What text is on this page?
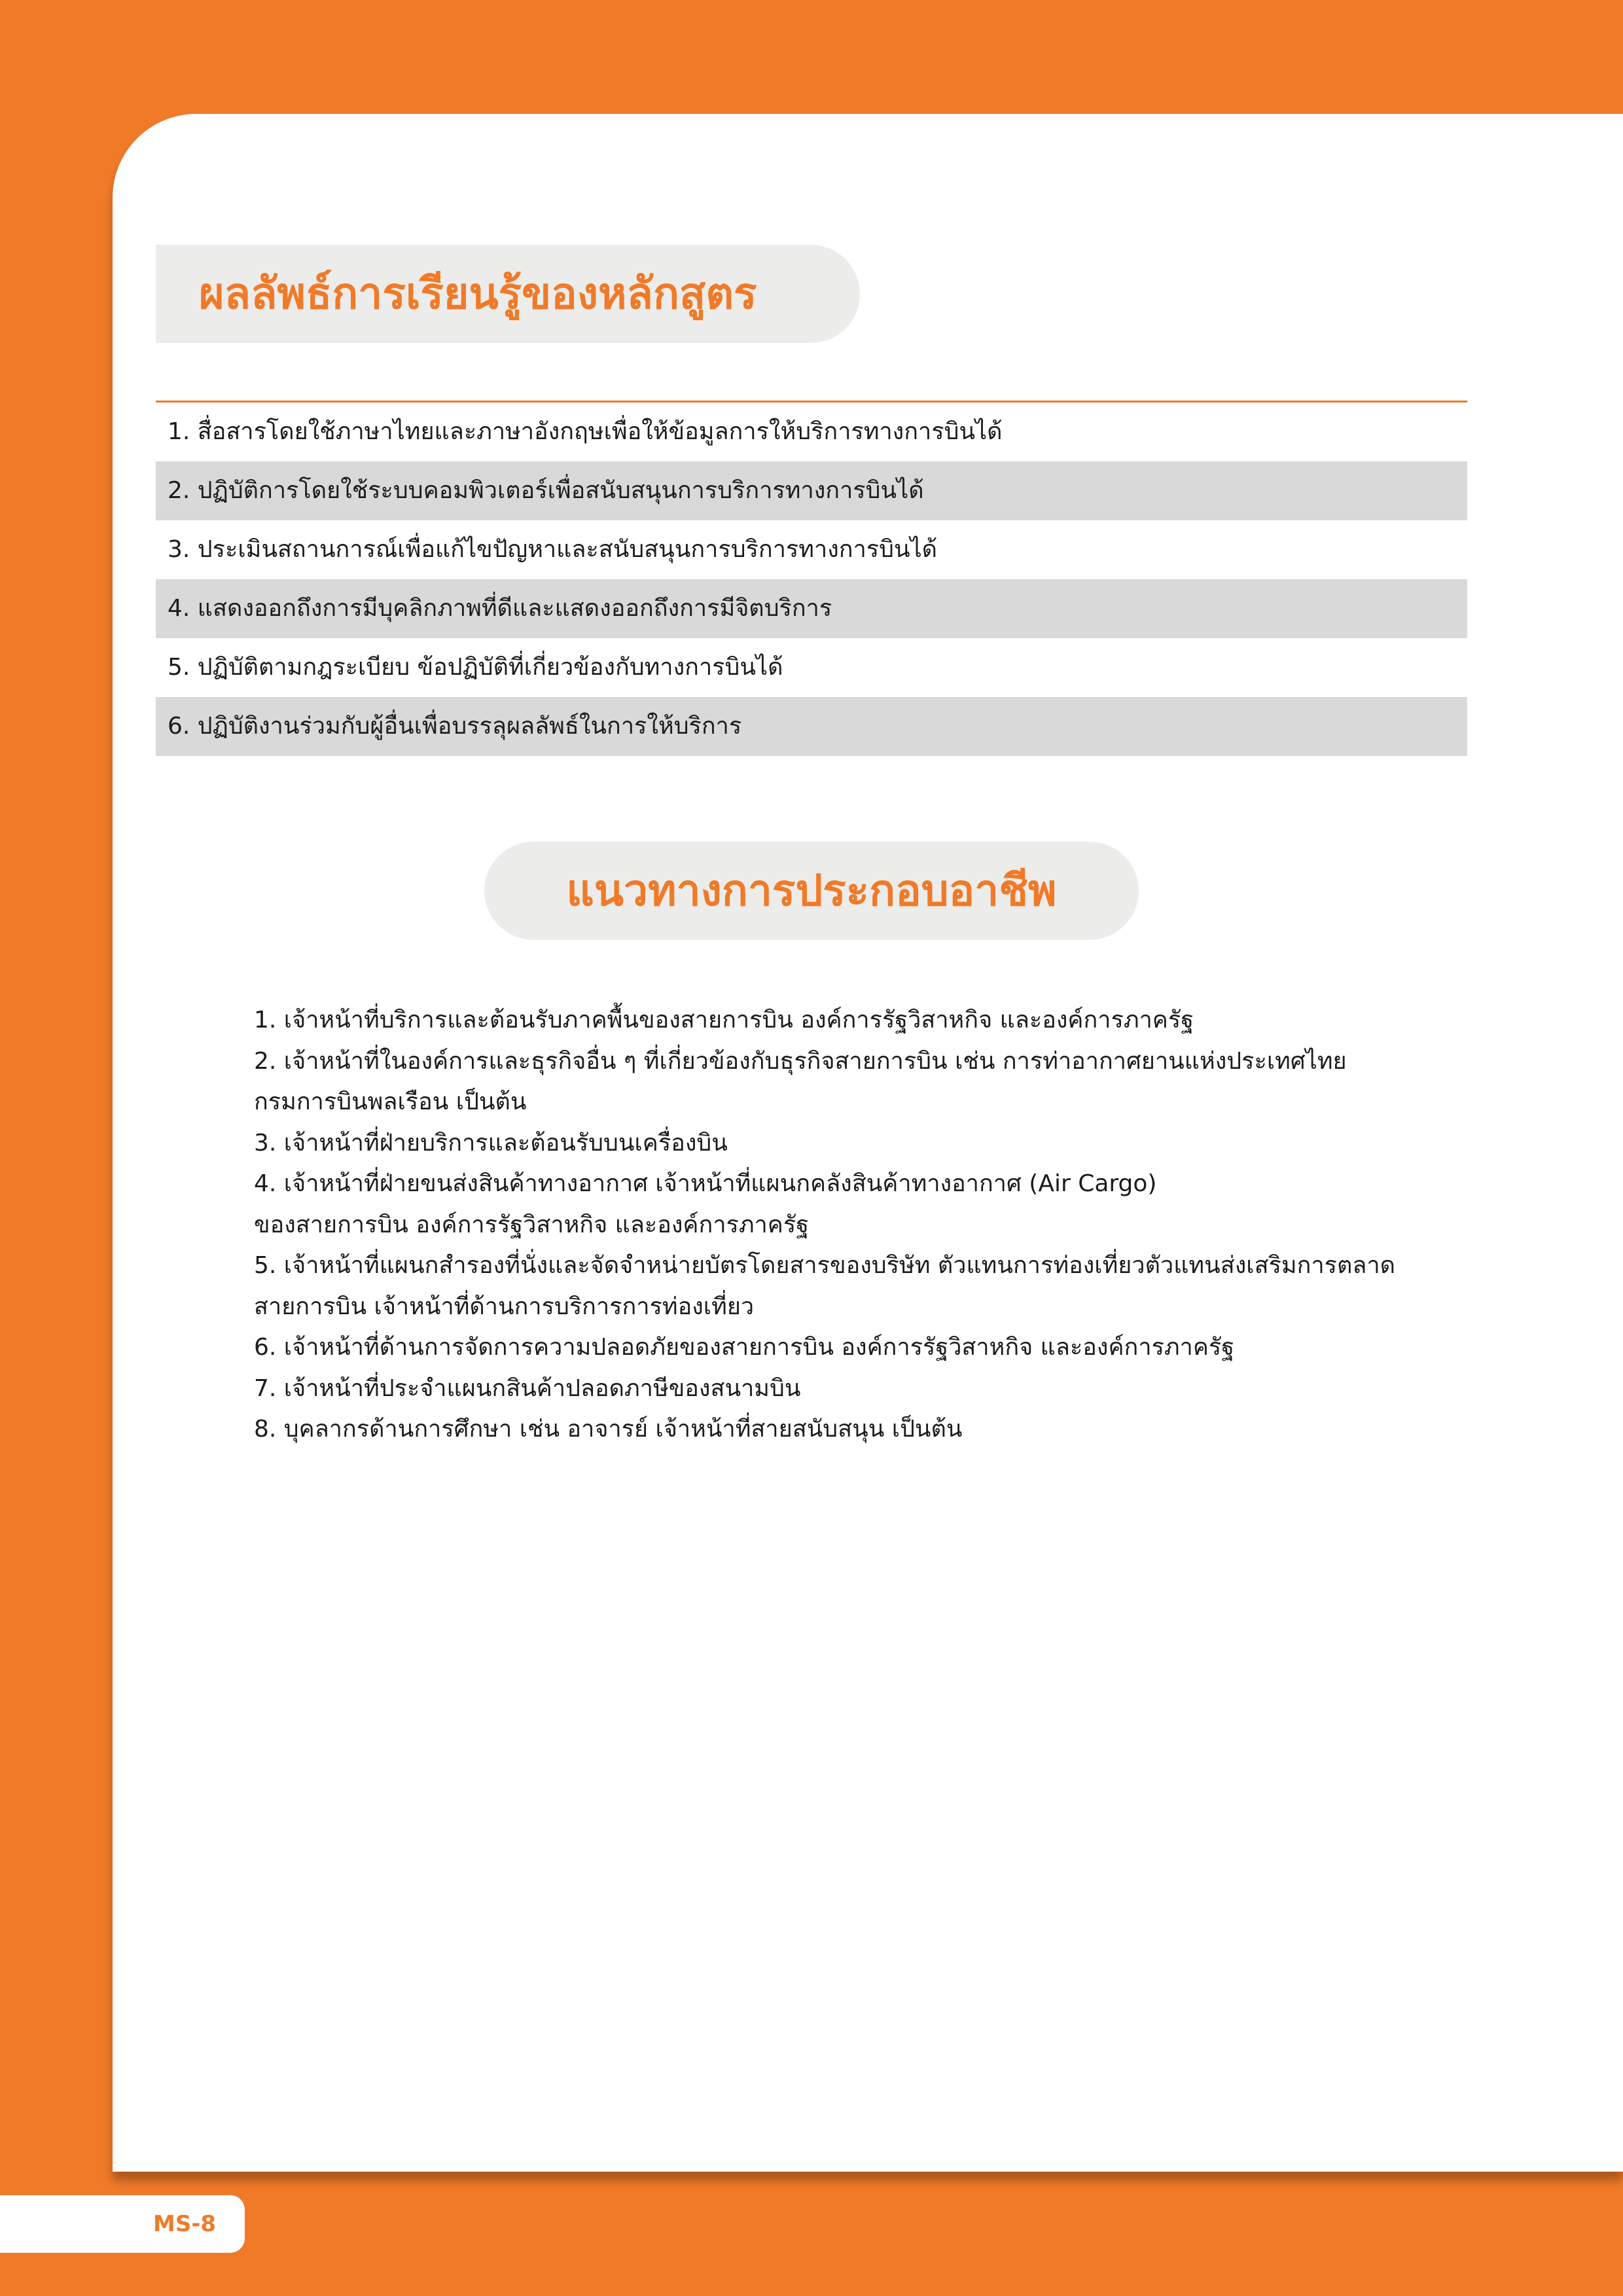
ผลลัพธ์การเรียนรู้ของหลักสูตร
1. สื่อสารโดยใช้ภาษาไทยและภาษาอังกฤษเพื่อให้ข้อมูลการให้บริการทางการบินได้
2. ปฏิบัติการโดยใช้ระบบคอมพิวเตอร์เพื่อสนับสนุนการบริการทางการบินได้
3. ประเมินสถานการณ์เพื่อแก้ไขปัญหาและสนับสนุนการบริการทางการบินได้
4. แสดงออกถึงการมีบุคลิกภาพที่ดีและแสดงออกถึงการมีจิตบริการ
5. ปฏิบัติตามกฎระเบียบ ข้อปฏิบัติที่เกี่ยวข้องกับทางการบินได้
6. ปฏิบัติงานร่วมกับผู้อื่นเพื่อบรรลุผลลัพธ์ในการให้บริการ
แนวทางการประกอบอาชีพ
1. เจ้าหน้าที่บริการและต้อนรับภาคพื้นของสายการบิน องค์การรัฐวิสาหกิจ และองค์การภาครัฐ
2. เจ้าหน้าที่ในองค์การและธุรกิจอื่น ๆ ที่เกี่ยวข้องกับธุรกิจสายการบิน เช่น การท่าอากาศยานแห่งประเทศไทย
กรมการบินพลเรือน เป็นต้น
3. เจ้าหน้าที่ฝ่ายบริการและต้อนรับบนเครื่องบิน
4. เจ้าหน้าที่ฝ่ายขนส่งสินค้าทางอากาศ เจ้าหน้าที่แผนกคลังสินค้าทางอากาศ (Air Cargo)
ของสายการบิน องค์การรัฐวิสาหกิจ และองค์การภาครัฐ
5. เจ้าหน้าที่แผนกสำรองที่นั่งและจัดจำหน่ายบัตรโดยสารของบริษัท ตัวแทนการท่องเที่ยวตัวแทนส่งเสริมการตลาด
สายการบิน เจ้าหน้าที่ด้านการบริการการท่องเที่ยว
6. เจ้าหน้าที่ด้านการจัดการความปลอดภัยของสายการบิน องค์การรัฐวิสาหกิจ และองค์การภาครัฐ
7. เจ้าหน้าที่ประจำแผนกสินค้าปลอดภาษีของสนามบิน
8. บุคลากรด้านการศึกษา เช่น อาจารย์ เจ้าหน้าที่สายสนับสนุน เป็นต้น
MS-8
